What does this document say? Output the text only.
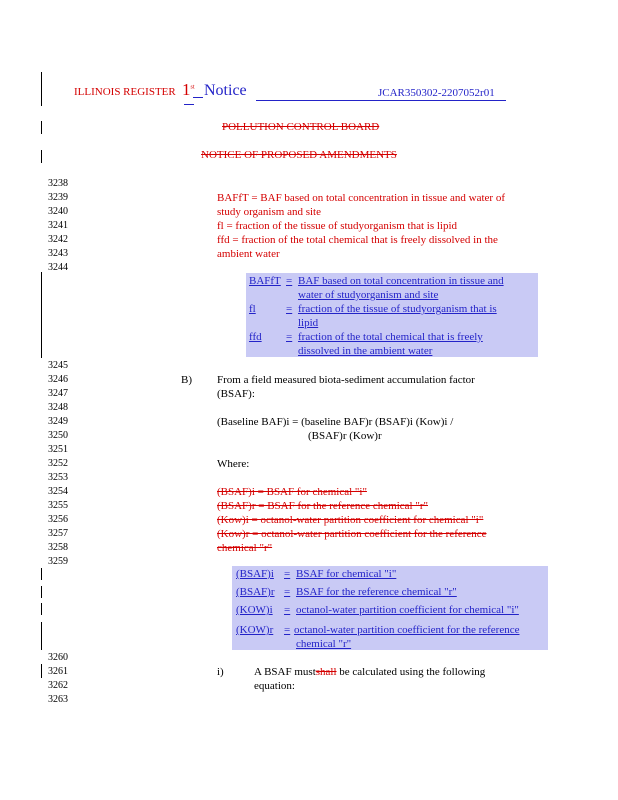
ILLINOIS REGISTER 1st Notice	JCAR350302-2207052r01
POLLUTION CONTROL BOARD
NOTICE OF PROPOSED AMENDMENTS
3238
3239
3240
3241
3242
3243
3244
3245
3246
3247
3248
3249
3250
3251
3252
3253
3254
3255
3256
3257
3258
3259
3260
3261
3262
3263
BAFfT = BAF based on total concentration in tissue and water of
study organism and site
fl = fraction of the tissue of studyorganism that is lipid
ffd = fraction of the total chemical that is freely dissolved in the
ambient water
BAFfT = BAF based on total concentration in tissue and
water of studyorganism and site
fl	= fraction of the tissue of studyorganism that is
lipid
ffd = fraction of the total chemical that is freely
dissolved in the ambient water
B) From a field measured biota-sediment accumulation factor
(BSAF):
(Baseline BAF)i = (baseline BAF)r (BSAF)i (Kow)i /
(BSAF)r (Kow)r
Where:
(BSAF)i = BSAF for chemical "i"
(BSAF)r = BSAF for the reference chemical "r"
(Kow)i = octanol-water partition coefficient for chemical "i"
(Kow)r = octanol-water partition coefficient for the reference
chemical "r"
(BSAF)i = BSAF for chemical "i"
(BSAF)r = BSAF for the reference chemical "r"
(KOW)i = octanol-water partition coefficient for chemical "i"
(KOW)r = octanol-water partition coefficient for the reference
chemical "r"
i)	A BSAF mustshall be calculated using the following
equation:
